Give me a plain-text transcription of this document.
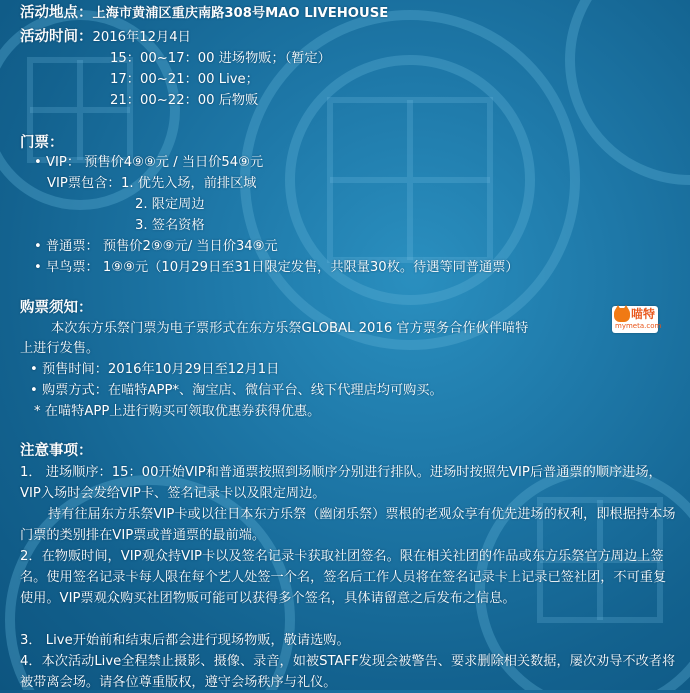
活动地点：上海市黄浦区重庆南路308号MAO LIVEHOUSE

活动时间：2016年12月4日

15：00~17：00 进场物贩；（暂定）

17：00~21：00 Live；

21：00~22：00 后物贩

门票：

• VIP： 预售价4⑨⑨元 / 当日价54⑨元

VIP票包含： 1. 优先入场，前排区域

2. 限定周边

3. 签名资格

• 普通票： 预售价2⑨⑨元/ 当日价34⑨元

• 早鸟票： 1⑨⑨元（10月29日至31日限定发售，共限量30枚。待遇等同普通票）

购票须知：

本次东方乐祭门票为电子票形式在东方乐祭GLOBAL 2016 官方票务合作伙伴喵特

喵特
mymeta.com

上进行发售。

• 预售时间：2016年10月29日至12月1日

• 购票方式：在喵特APP*、淘宝店、微信平台、线下代理店均可购买。

* 在喵特APP上进行购买可领取优惠券获得优惠。

注意事项：

1． 进场顺序：15：00开始VIP和普通票按照到场顺序分别进行排队。进场时按照先VIP后普通票的顺序进场，VIP入场时会发给VIP卡、签名记录卡以及限定周边。

持有往届东方乐祭VIP卡或以往日本东方乐祭（幽闭乐祭）票根的老观众享有优先进场的权利，即根据持本场门票的类别排在VIP票或普通票的最前端。

2．在物贩时间，VIP观众持VIP卡以及签名记录卡获取社团签名。限在相关社团的作品或东方乐祭官方周边上签名。使用签名记录卡每人限在每个艺人处签一个名，签名后工作人员将在签名记录卡上记录已签社团，不可重复使用。VIP票观众购买社团物贩可能可以获得多个签名，具体请留意之后发布之信息。

3． Live开始前和结束后都会进行现场物贩，敬请选购。

4．本次活动Live全程禁止摄影、摄像、录音，如被STAFF发现会被警告、要求删除相关数据，屡次劝导不改者将被带离会场。请各位尊重版权，遵守会场秩序与礼仪。
